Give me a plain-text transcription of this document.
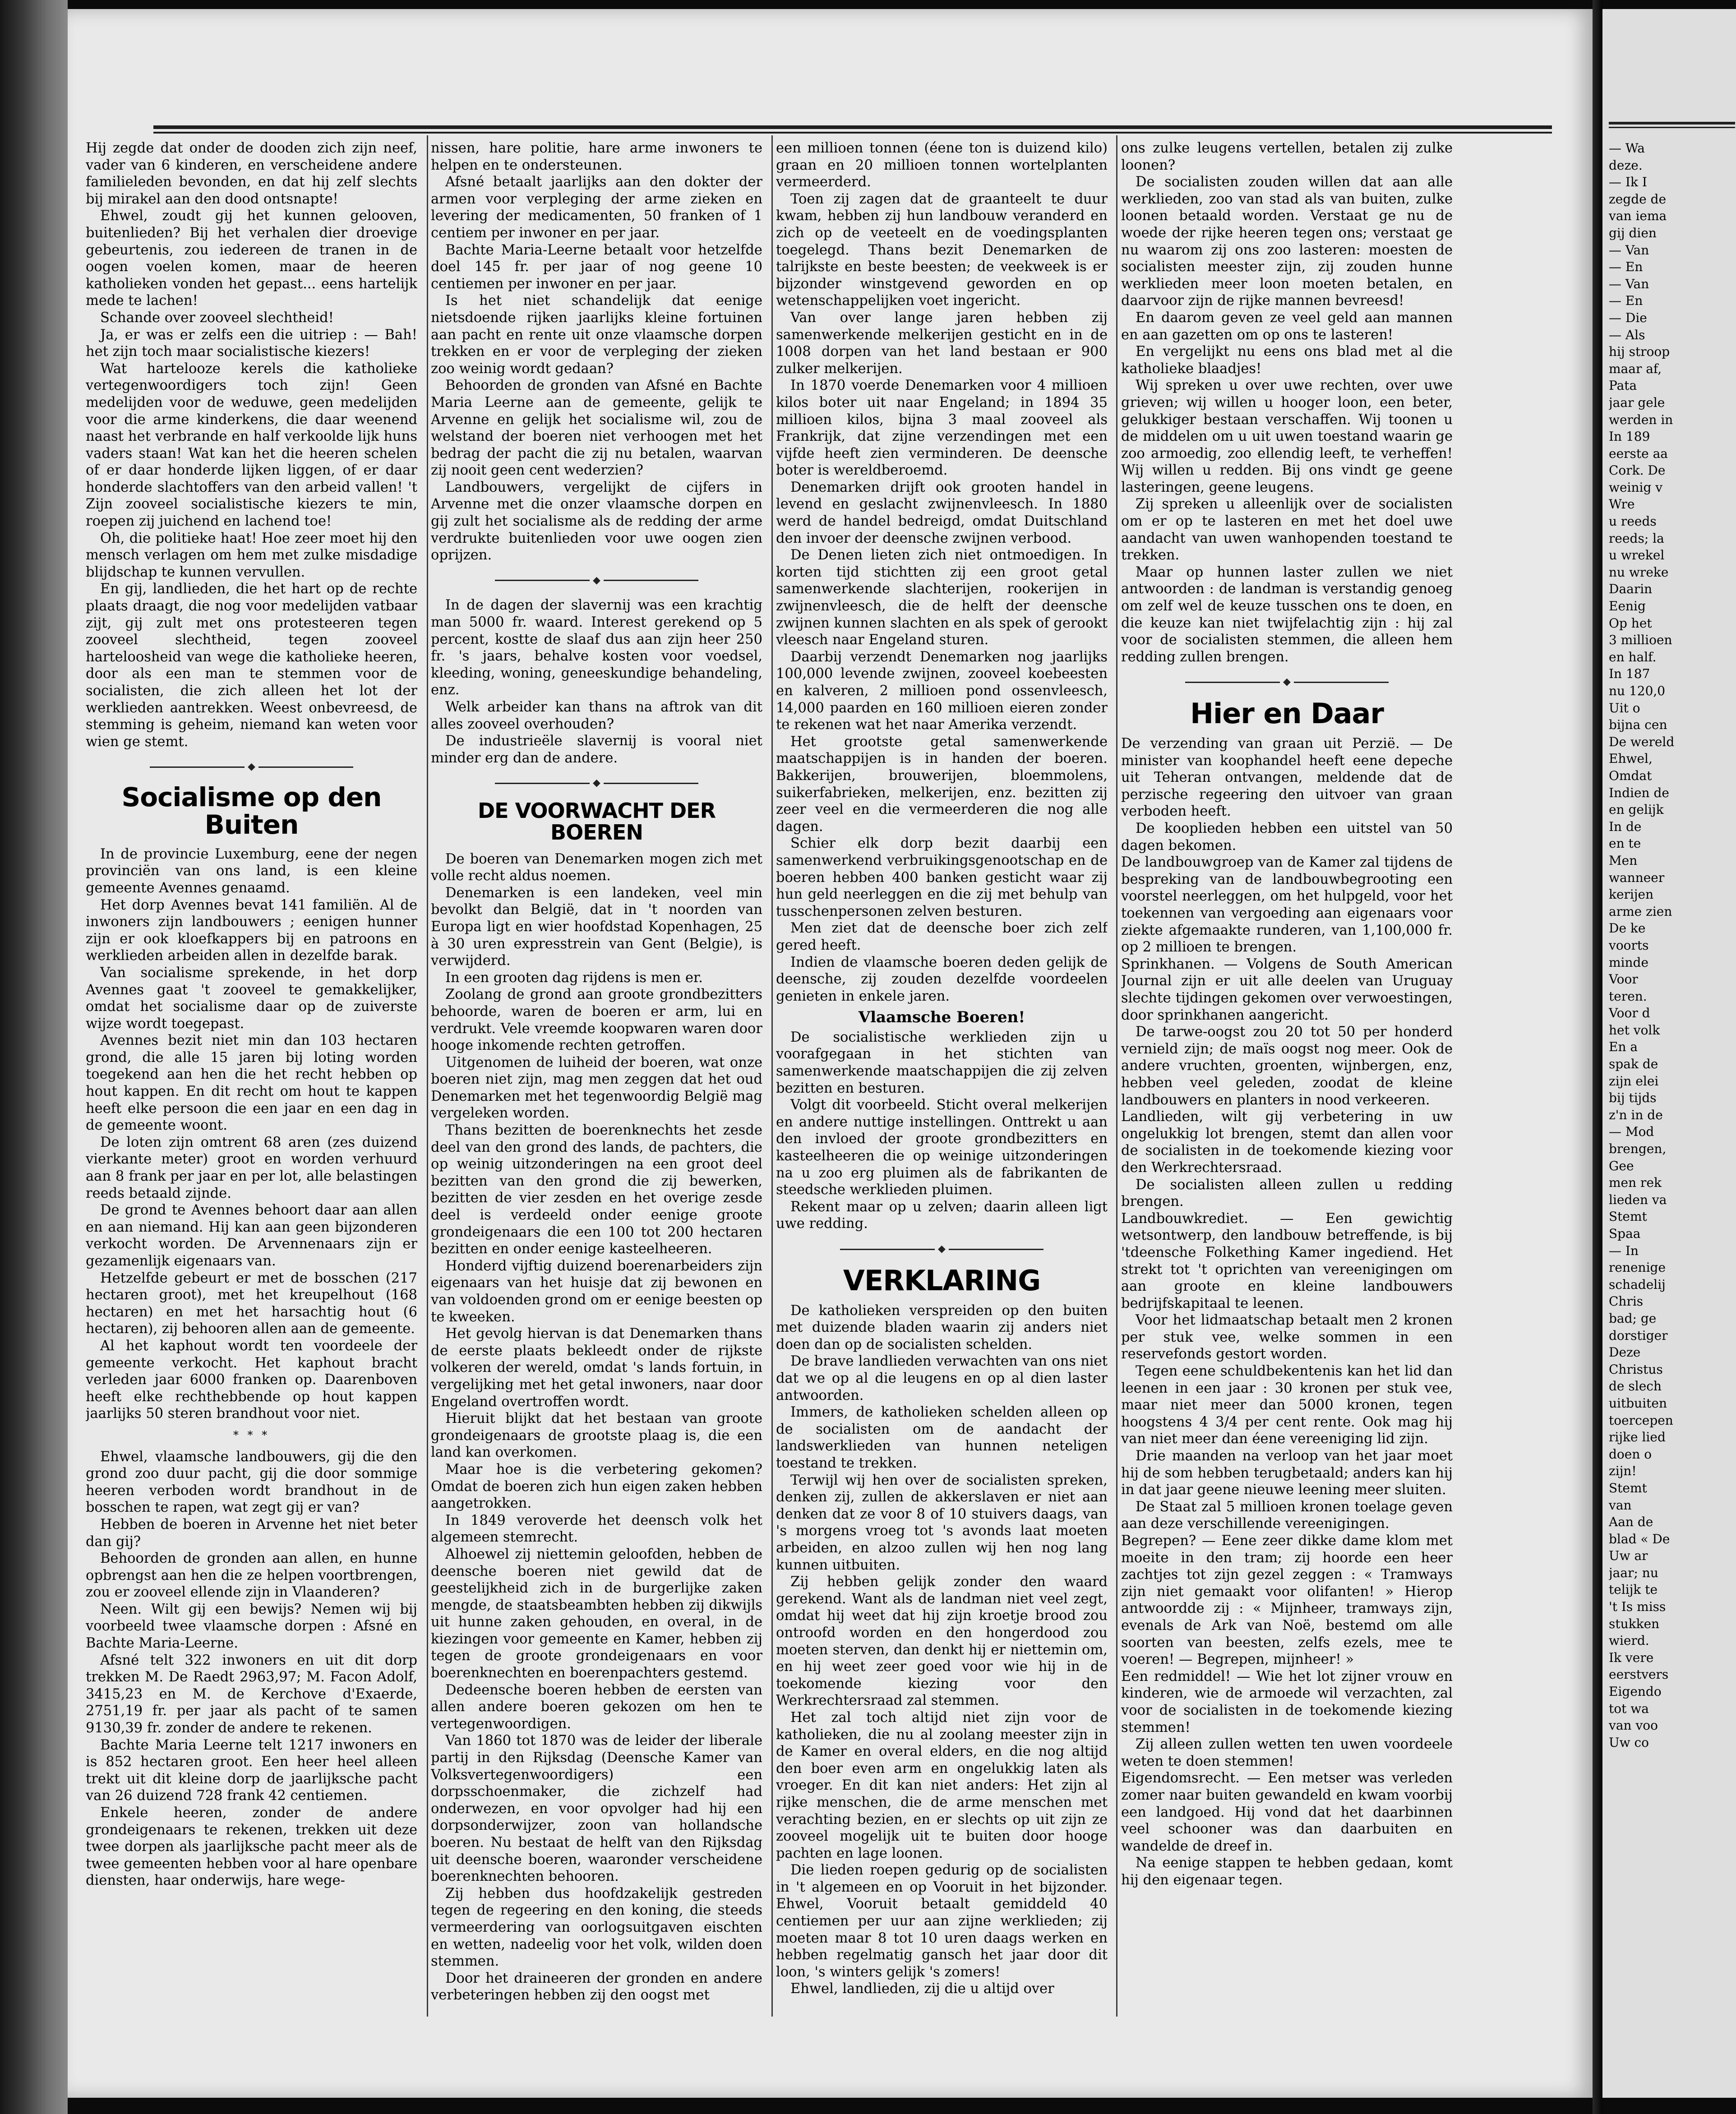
Hij zegde dat onder de dooden zich zijn neef, vader van 6 kinderen, en verscheidene andere familieleden bevonden, en dat hij zelf slechts bij mirakel aan den dood ontsnapte!

Ehwel, zoudt gij het kunnen gelooven, buitenlieden? Bij het verhalen dier droevige gebeurtenis, zou iedereen de tranen in de oogen voelen komen, maar de heeren katholieken vonden het gepast... eens hartelijk mede te lachen!

Schande over zooveel slechtheid!

Ja, er was er zelfs een die uitriep : — Bah! het zijn toch maar socialistische kiezers!

Wat hartelooze kerels die katholieke vertegenwoordigers toch zijn! Geen medelijden voor de weduwe, geen medelijden voor die arme kinderkens, die daar weenend naast het verbrande en half verkoolde lijk huns vaders staan! Wat kan het die heeren schelen of er daar honderde lijken liggen, of er daar honderde slachtoffers van den arbeid vallen! 't Zijn zooveel socialistische kiezers te min, roepen zij juichend en lachend toe!

Oh, die politieke haat! Hoe zeer moet hij den mensch verlagen om hem met zulke misdadige blijdschap te kunnen vervullen.

En gij, landlieden, die het hart op de rechte plaats draagt, die nog voor medelijden vatbaar zijt, gij zult met ons protesteeren tegen zooveel slechtheid, tegen zooveel harteloosheid van wege die katholieke heeren, door als een man te stemmen voor de socialisten, die zich alleen het lot der werklieden aantrekken. Weest onbevreesd, de stemming is geheim, niemand kan weten voor wien ge stemt.

◆
Socialisme op den Buiten

In de provincie Luxemburg, eene der negen provinciën van ons land, is een kleine gemeente Avennes genaamd.

Het dorp Avennes bevat 141 familiën. Al de inwoners zijn landbouwers ; eenigen hunner zijn er ook kloefkappers bij en patroons en werklieden arbeiden allen in dezelfde barak.

Van socialisme sprekende, in het dorp Avennes gaat 't zooveel te gemakkelijker, omdat het socialisme daar op de zuiverste wijze wordt toegepast.

Avennes bezit niet min dan 103 hectaren grond, die alle 15 jaren bij loting worden toegekend aan hen die het recht hebben op hout kappen. En dit recht om hout te kappen heeft elke persoon die een jaar en een dag in de gemeente woont.

De loten zijn omtrent 68 aren (zes duizend vierkante meter) groot en worden verhuurd aan 8 frank per jaar en per lot, alle belastingen reeds betaald zijnde.

De grond te Avennes behoort daar aan allen en aan niemand. Hij kan aan geen bijzonderen verkocht worden. De Arvennenaars zijn er gezamenlijk eigenaars van.

Hetzelfde gebeurt er met de bosschen (217 hectaren groot), met het kreupelhout (168 hectaren) en met het harsachtig hout (6 hectaren), zij behooren allen aan de gemeente.

Al het kaphout wordt ten voordeele der gemeente verkocht. Het kaphout bracht verleden jaar 6000 franken op. Daarenboven heeft elke rechthebbende op hout kappen jaarlijks 50 steren brandhout voor niet.

* * *

Ehwel, vlaamsche landbouwers, gij die den grond zoo duur pacht, gij die door sommige heeren verboden wordt brandhout in de bosschen te rapen, wat zegt gij er van?

Hebben de boeren in Arvenne het niet beter dan gij?

Behoorden de gronden aan allen, en hunne opbrengst aan hen die ze helpen voortbrengen, zou er zooveel ellende zijn in Vlaanderen?

Neen. Wilt gij een bewijs? Nemen wij bij voorbeeld twee vlaamsche dorpen : Afsné en Bachte Maria-Leerne.

Afsné telt 322 inwoners en uit dit dorp trekken M. De Raedt 2963,97; M. Facon Adolf, 3415,23 en M. de Kerchove d'Exaerde, 2751,19 fr. per jaar als pacht of te samen 9130,39 fr. zonder de andere te rekenen.

Bachte Maria Leerne telt 1217 inwoners en is 852 hectaren groot. Een heer heel alleen trekt uit dit kleine dorp de jaarlijksche pacht van 26 duizend 728 frank 42 centiemen.

Enkele heeren, zonder de andere grondeigenaars te rekenen, trekken uit deze twee dorpen als jaarlijksche pacht meer als de twee gemeenten hebben voor al hare openbare diensten, haar onderwijs, hare wege-

nissen, hare politie, hare arme inwoners te helpen en te ondersteunen.

Afsné betaalt jaarlijks aan den dokter der armen voor verpleging der arme zieken en levering der medicamenten, 50 franken of 1 centiem per inwoner en per jaar.

Bachte Maria-Leerne betaalt voor hetzelfde doel 145 fr. per jaar of nog geene 10 centiemen per inwoner en per jaar.

Is het niet schandelijk dat eenige nietsdoende rijken jaarlijks kleine fortuinen aan pacht en rente uit onze vlaamsche dorpen trekken en er voor de verpleging der zieken zoo weinig wordt gedaan?

Behoorden de gronden van Afsné en Bachte Maria Leerne aan de gemeente, gelijk te Arvenne en gelijk het socialisme wil, zou de welstand der boeren niet verhoogen met het bedrag der pacht die zij nu betalen, waarvan zij nooit geen cent wederzien?

Landbouwers, vergelijkt de cijfers in Arvenne met die onzer vlaamsche dorpen en gij zult het socialisme als de redding der arme verdrukte buitenlieden voor uwe oogen zien oprijzen.

◆

In de dagen der slavernij was een krachtig man 5000 fr. waard. Interest gerekend op 5 percent, kostte de slaaf dus aan zijn heer 250 fr. 's jaars, behalve kosten voor voedsel, kleeding, woning, geneeskundige behandeling, enz.

Welk arbeider kan thans na aftrok van dit alles zooveel overhouden?

De industrieële slavernij is vooral niet minder erg dan de andere.

◆
DE VOORWACHT DER BOEREN

De boeren van Denemarken mogen zich met volle recht aldus noemen.

Denemarken is een landeken, veel min bevolkt dan België, dat in 't noorden van Europa ligt en wier hoofdstad Kopenhagen, 25 à 30 uren expresstrein van Gent (Belgie), is verwijderd.

In een grooten dag rijdens is men er.

Zoolang de grond aan groote grondbezitters behoorde, waren de boeren er arm, lui en verdrukt. Vele vreemde koopwaren waren door hooge inkomende rechten getroffen.

Uitgenomen de luiheid der boeren, wat onze boeren niet zijn, mag men zeggen dat het oud Denemarken met het tegenwoordig België mag vergeleken worden.

Thans bezitten de boerenknechts het zesde deel van den grond des lands, de pachters, die op weinig uitzonderingen na een groot deel bezitten van den grond die zij bewerken, bezitten de vier zesden en het overige zesde deel is verdeeld onder eenige groote grondeigenaars die een 100 tot 200 hectaren bezitten en onder eenige kasteelheeren.

Honderd vijftig duizend boerenarbeiders zijn eigenaars van het huisje dat zij bewonen en van voldoenden grond om er eenige beesten op te kweeken.

Het gevolg hiervan is dat Denemarken thans de eerste plaats bekleedt onder de rijkste volkeren der wereld, omdat 's lands fortuin, in vergelijking met het getal inwoners, naar door Engeland overtroffen wordt.

Hieruit blijkt dat het bestaan van groote grondeigenaars de grootste plaag is, die een land kan overkomen.

Maar hoe is die verbetering gekomen? Omdat de boeren zich hun eigen zaken hebben aangetrokken.

In 1849 veroverde het deensch volk het algemeen stemrecht.

Alhoewel zij niettemin geloofden, hebben de deensche boeren niet gewild dat de geestelijkheid zich in de burgerlijke zaken mengde, de staatsbeambten hebben zij dikwijls uit hunne zaken gehouden, en overal, in de kiezingen voor gemeente en Kamer, hebben zij tegen de groote grondeigenaars en voor boerenknechten en boerenpachters gestemd.

Dedeensche boeren hebben de eersten van allen andere boeren gekozen om hen te vertegenwoordigen.

Van 1860 tot 1870 was de leider der liberale partij in den Rijksdag (Deensche Kamer van Volksvertegenwoordigers) een dorpsschoenmaker, die zichzelf had onderwezen, en voor opvolger had hij een dorpsonderwijzer, zoon van hollandsche boeren. Nu bestaat de helft van den Rijksdag uit deensche boeren, waaronder verscheidene boerenknechten behooren.

Zij hebben dus hoofdzakelijk gestreden tegen de regeering en den koning, die steeds vermeerdering van oorlogsuitgaven eischten en wetten, nadeelig voor het volk, wilden doen stemmen.

Door het draineeren der gronden en andere verbeteringen hebben zij den oogst met

een millioen tonnen (éene ton is duizend kilo) graan en 20 millioen tonnen wortelplanten vermeerderd.

Toen zij zagen dat de graanteelt te duur kwam, hebben zij hun landbouw veranderd en zich op de veeteelt en de voedingsplanten toegelegd. Thans bezit Denemarken de talrijkste en beste beesten; de veekweek is er bijzonder winstgevend geworden en op wetenschappelijken voet ingericht.

Van over lange jaren hebben zij samenwerkende melkerijen gesticht en in de 1008 dorpen van het land bestaan er 900 zulker melkerijen.

In 1870 voerde Denemarken voor 4 millioen kilos boter uit naar Engeland; in 1894 35 millioen kilos, bijna 3 maal zooveel als Frankrijk, dat zijne verzendingen met een vijfde heeft zien verminderen. De deensche boter is wereldberoemd.

Denemarken drijft ook grooten handel in levend en geslacht zwijnenvleesch. In 1880 werd de handel bedreigd, omdat Duitschland den invoer der deensche zwijnen verbood.

De Denen lieten zich niet ontmoedigen. In korten tijd stichtten zij een groot getal samenwerkende slachterijen, rookerijen in zwijnenvleesch, die de helft der deensche zwijnen kunnen slachten en als spek of gerookt vleesch naar Engeland sturen.

Daarbij verzendt Denemarken nog jaarlijks 100,000 levende zwijnen, zooveel koebeesten en kalveren, 2 millioen pond ossenvleesch, 14,000 paarden en 160 millioen eieren zonder te rekenen wat het naar Amerika verzendt.

Het grootste getal samenwerkende maatschappijen is in handen der boeren. Bakkerijen, brouwerijen, bloemmolens, suikerfabrieken, melkerijen, enz. bezitten zij zeer veel en die vermeerderen die nog alle dagen.

Schier elk dorp bezit daarbij een samenwerkend verbruikingsgenootschap en de boeren hebben 400 banken gesticht waar zij hun geld neerleggen en die zij met behulp van tusschenpersonen zelven besturen.

Men ziet dat de deensche boer zich zelf gered heeft.

Indien de vlaamsche boeren deden gelijk de deensche, zij zouden dezelfde voordeelen genieten in enkele jaren.

Vlaamsche Boeren!

De socialistische werklieden zijn u voorafgegaan in het stichten van samenwerkende maatschappijen die zij zelven bezitten en besturen.

Volgt dit voorbeeld. Sticht overal melkerijen en andere nuttige instellingen. Onttrekt u aan den invloed der groote grondbezitters en kasteelheeren die op weinige uitzonderingen na u zoo erg pluimen als de fabrikanten de steedsche werklieden pluimen.

Rekent maar op u zelven; daarin alleen ligt uwe redding.

◆
VERKLARING

De katholieken verspreiden op den buiten met duizende bladen waarin zij anders niet doen dan op de socialisten schelden.

De brave landlieden verwachten van ons niet dat we op al die leugens en op al dien laster antwoorden.

Immers, de katholieken schelden alleen op de socialisten om de aandacht der landswerklieden van hunnen neteligen toestand te trekken.

Terwijl wij hen over de socialisten spreken, denken zij, zullen de akkerslaven er niet aan denken dat ze voor 8 of 10 stuivers daags, van 's morgens vroeg tot 's avonds laat moeten arbeiden, en alzoo zullen wij hen nog lang kunnen uitbuiten.

Zij hebben gelijk zonder den waard gerekend. Want als de landman niet veel zegt, omdat hij weet dat hij zijn kroetje brood zou ontroofd worden en den hongerdood zou moeten sterven, dan denkt hij er niettemin om, en hij weet zeer goed voor wie hij in de toekomende kiezing voor den Werkrechtersraad zal stemmen.

Het zal toch altijd niet zijn voor de katholieken, die nu al zoolang meester zijn in de Kamer en overal elders, en die nog altijd den boer even arm en ongelukkig laten als vroeger. En dit kan niet anders: Het zijn al rijke menschen, die de arme menschen met verachting bezien, en er slechts op uit zijn ze zooveel mogelijk uit te buiten door hooge pachten en lage loonen.

Die lieden roepen gedurig op de socialisten in 't algemeen en op Vooruit in het bijzonder. Ehwel, Vooruit betaalt gemiddeld 40 centiemen per uur aan zijne werklieden; zij moeten maar 8 tot 10 uren daags werken en hebben regelmatig gansch het jaar door dit loon, 's winters gelijk 's zomers!

Ehwel, landlieden, zij die u altijd over

ons zulke leugens vertellen, betalen zij zulke loonen?

De socialisten zouden willen dat aan alle werklieden, zoo van stad als van buiten, zulke loonen betaald worden. Verstaat ge nu de woede der rijke heeren tegen ons; verstaat ge nu waarom zij ons zoo lasteren: moesten de socialisten meester zijn, zij zouden hunne werklieden meer loon moeten betalen, en daarvoor zijn de rijke mannen bevreesd!

En daarom geven ze veel geld aan mannen en aan gazetten om op ons te lasteren!

En vergelijkt nu eens ons blad met al die katholieke blaadjes!

Wij spreken u over uwe rechten, over uwe grieven; wij willen u hooger loon, een beter, gelukkiger bestaan verschaffen. Wij toonen u de middelen om u uit uwen toestand waarin ge zoo armoedig, zoo ellendig leeft, te verheffen! Wij willen u redden. Bij ons vindt ge geene lasteringen, geene leugens.

Zij spreken u alleenlijk over de socialisten om er op te lasteren en met het doel uwe aandacht van uwen wanhopenden toestand te trekken.

Maar op hunnen laster zullen we niet antwoorden : de landman is verstandig genoeg om zelf wel de keuze tusschen ons te doen, en die keuze kan niet twijfelachtig zijn : hij zal voor de socialisten stemmen, die alleen hem redding zullen brengen.

◆
Hier en Daar

De verzending van graan uit Perzië. — De minister van koophandel heeft eene depeche uit Teheran ontvangen, meldende dat de perzische regeering den uitvoer van graan verboden heeft.

De kooplieden hebben een uitstel van 50 dagen bekomen.

De landbouwgroep van de Kamer zal tijdens de bespreking van de landbouwbegrooting een voorstel neerleggen, om het hulpgeld, voor het toekennen van vergoeding aan eigenaars voor ziekte afgemaakte runderen, van 1,100,000 fr. op 2 millioen te brengen.

Sprinkhanen. — Volgens de South American Journal zijn er uit alle deelen van Uruguay slechte tijdingen gekomen over verwoestingen, door sprinkhanen aangericht.

De tarwe-oogst zou 20 tot 50 per honderd vernield zijn; de maïs oogst nog meer. Ook de andere vruchten, groenten, wijnbergen, enz, hebben veel geleden, zoodat de kleine landbouwers en planters in nood verkeeren.

Landlieden, wilt gij verbetering in uw ongelukkig lot brengen, stemt dan allen voor de socialisten in de toekomende kiezing voor den Werkrechtersraad.

De socialisten alleen zullen u redding brengen.

Landbouwkrediet. — Een gewichtig wetsontwerp, den landbouw betreffende, is bij 'tdeensche Folkething Kamer ingediend. Het strekt tot 't oprichten van vereenigingen om aan groote en kleine landbouwers bedrijfskapitaal te leenen.

Voor het lidmaatschap betaalt men 2 kronen per stuk vee, welke sommen in een reservefonds gestort worden.

Tegen eene schuldbekentenis kan het lid dan leenen in een jaar : 30 kronen per stuk vee, maar niet meer dan 5000 kronen, tegen hoogstens 4 3/4 per cent rente. Ook mag hij van niet meer dan éene vereeniging lid zijn.

Drie maanden na verloop van het jaar moet hij de som hebben terugbetaald; anders kan hij in dat jaar geene nieuwe leening meer sluiten.

De Staat zal 5 millioen kronen toelage geven aan deze verschillende vereenigingen.

Begrepen? — Eene zeer dikke dame klom met moeite in den tram; zij hoorde een heer zachtjes tot zijn gezel zeggen : « Tramways zijn niet gemaakt voor olifanten! » Hierop antwoordde zij : « Mijnheer, tramways zijn, evenals de Ark van Noë, bestemd om alle soorten van beesten, zelfs ezels, mee te voeren! — Begrepen, mijnheer! »

Een redmiddel! — Wie het lot zijner vrouw en kinderen, wie de armoede wil verzachten, zal voor de socialisten in de toekomende kiezing stemmen!

Zij alleen zullen wetten ten uwen voordeele weten te doen stemmen!

Eigendomsrecht. — Een metser was verleden zomer naar buiten gewandeld en kwam voorbij een landgoed. Hij vond dat het daarbinnen veel schooner was dan daarbuiten en wandelde de dreef in.

Na eenige stappen te hebben gedaan, komt hij den eigenaar tegen.

— Wa
deze.
— Ik I
zegde de
van iema
gij dien
— Van
— En
— Van
— En
— Die
— Als
hij stroop
maar af,
Pata
jaar gele
werden in
In 189
eerste aa
Cork. De
weinig v
Wre
u reeds
reeds; la
u wrekel
nu wreke
Daarin
Eenig
Op het
3 millioen
en half.
In 187
nu 120,0
Uit o
bijna cen
De wereld
Ehwel,
Omdat
Indien de
en gelijk
In de
en te
Men
wanneer
kerijen
arme zien
De ke
voorts
minde
Voor
teren.
Voor d
het volk
En a
spak de
zijn elei
bij tijds
z'n in de
— Mod
brengen,
Gee
men rek
lieden va
Stemt
Spaa
— In
renenige
schadelij
Chris
bad; ge
dorstiger
Deze
Christus
de slech
uitbuiten
toercepen
rijke lied
doen o
zijn!
Stemt
van
Aan de
blad « De
Uw ar
jaar; nu
telijk te
't Is miss
stukken
wierd.
Ik vere
eerstvers
Eigendo
tot wa
van voo
Uw co
